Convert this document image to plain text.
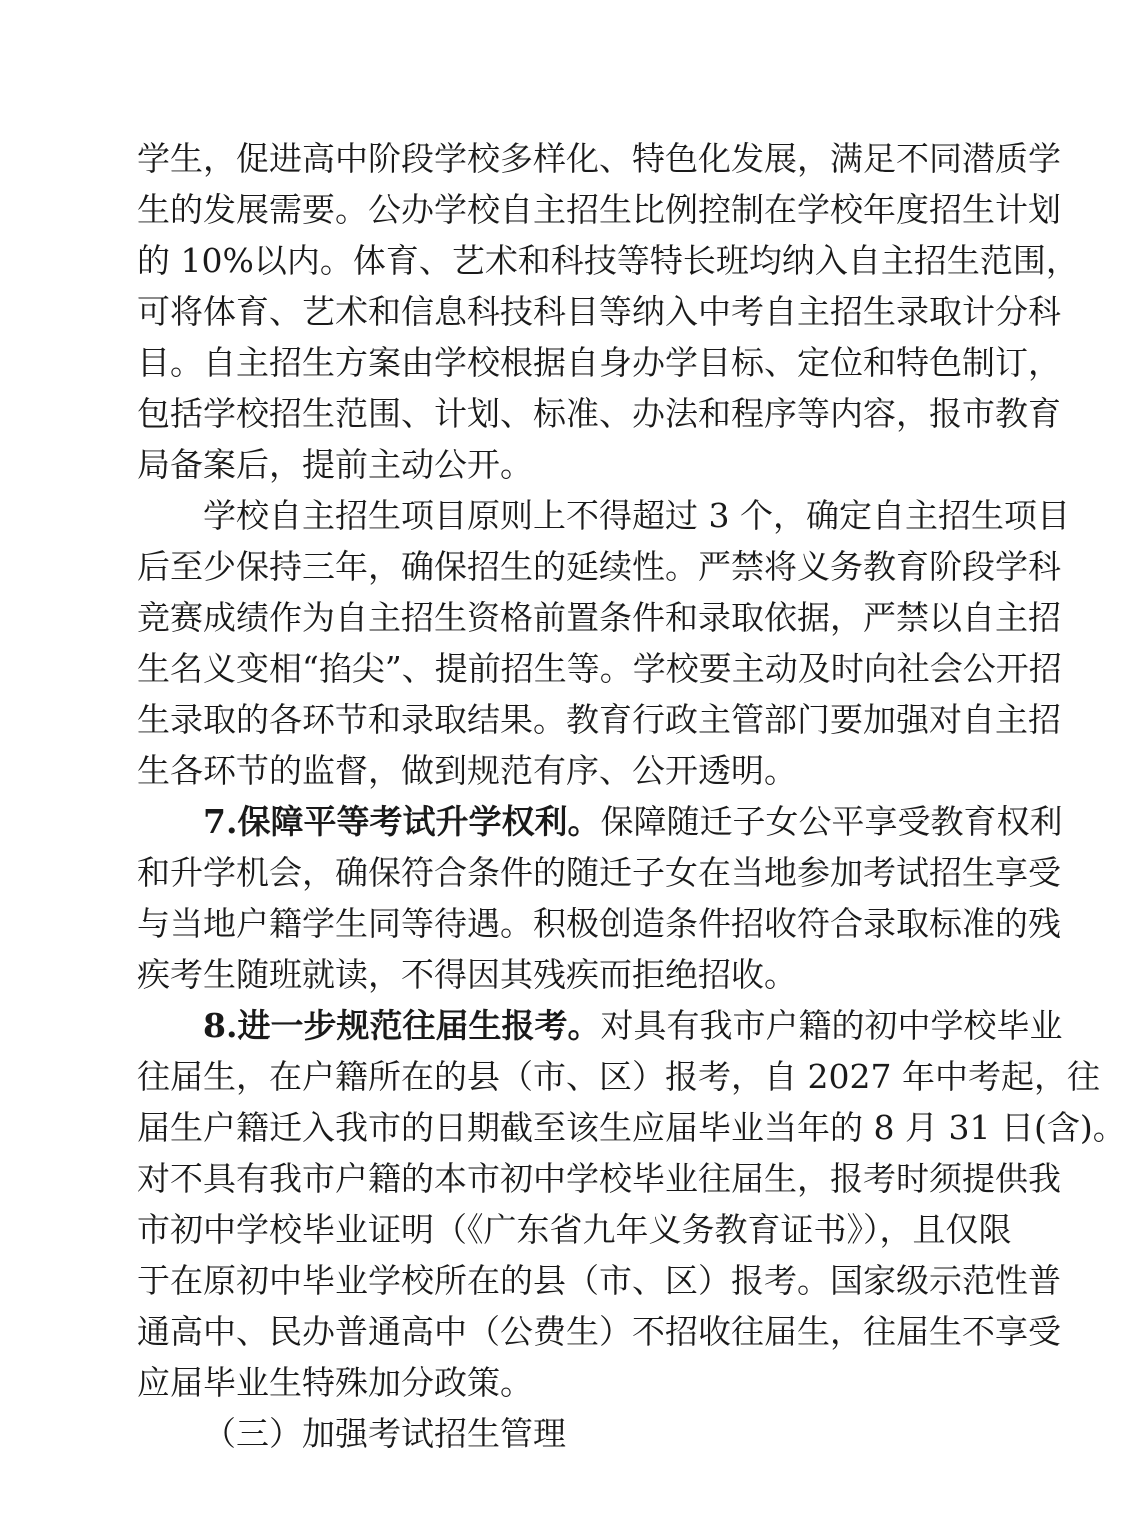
学生，促进高中阶段学校多样化、特色化发展，满足不同潜质学
生的发展需要。公办学校自主招生比例控制在学校年度招生计划
的 10%以内。体育、艺术和科技等特长班均纳入自主招生范围，
可将体育、艺术和信息科技科目等纳入中考自主招生录取计分科
目。自主招生方案由学校根据自身办学目标、定位和特色制订，
包括学校招生范围、计划、标准、办法和程序等内容，报市教育
局备案后，提前主动公开。
学校自主招生项目原则上不得超过 3 个，确定自主招生项目
后至少保持三年，确保招生的延续性。严禁将义务教育阶段学科
竞赛成绩作为自主招生资格前置条件和录取依据，严禁以自主招
生名义变相“掐尖”、提前招生等。学校要主动及时向社会公开招
生录取的各环节和录取结果。教育行政主管部门要加强对自主招
生各环节的监督，做到规范有序、公开透明。
7.保障平等考试升学权利。保障随迁子女公平享受教育权利
和升学机会，确保符合条件的随迁子女在当地参加考试招生享受
与当地户籍学生同等待遇。积极创造条件招收符合录取标准的残
疾考生随班就读，不得因其残疾而拒绝招收。
8.进一步规范往届生报考。对具有我市户籍的初中学校毕业
往届生，在户籍所在的县（市、区）报考，自 2027 年中考起，往
届生户籍迁入我市的日期截至该生应届毕业当年的 8 月 31 日(含)。
对不具有我市户籍的本市初中学校毕业往届生，报考时须提供我
市初中学校毕业证明（《广东省九年义务教育证书》），且仅限
于在原初中毕业学校所在的县（市、区）报考。国家级示范性普
通高中、民办普通高中（公费生）不招收往届生，往届生不享受
应届毕业生特殊加分政策。
（三）加强考试招生管理
